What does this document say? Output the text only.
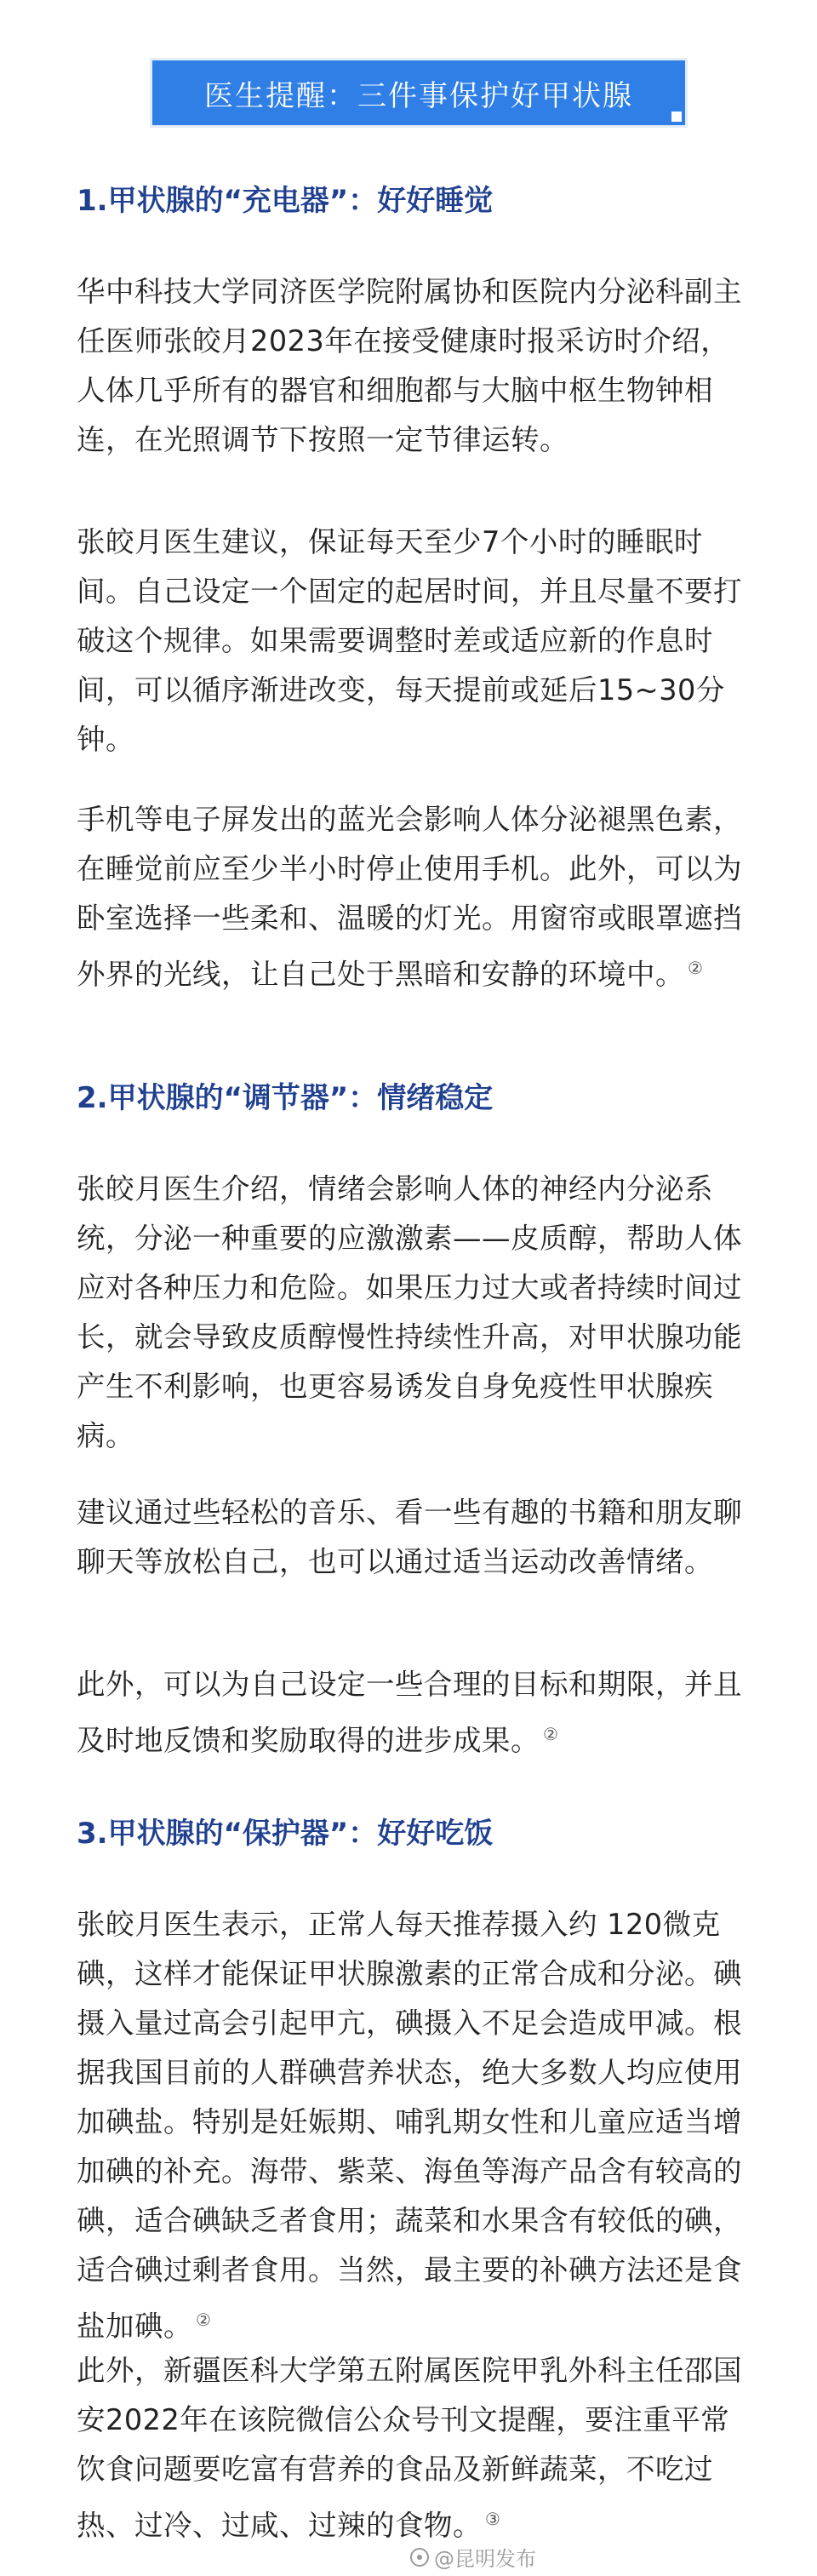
医生提醒：三件事保护好甲状腺
1.甲状腺的“充电器”：好好睡觉

华中科技大学同济医学院附属协和医院内分泌科副主任医师张皎月2023年在接受健康时报采访时介绍，人体几乎所有的器官和细胞都与大脑中枢生物钟相连，在光照调节下按照一定节律运转。

张皎月医生建议，保证每天至少7个小时的睡眠时间。自己设定一个固定的起居时间，并且尽量不要打破这个规律。如果需要调整时差或适应新的作息时间，可以循序渐进改变，每天提前或延后15~30分钟。

手机等电子屏发出的蓝光会影响人体分泌褪黑色素，在睡觉前应至少半小时停止使用手机。此外，可以为卧室选择一些柔和、温暖的灯光。用窗帘或眼罩遮挡外界的光线，让自己处于黑暗和安静的环境中。 ②

2.甲状腺的“调节器”：情绪稳定

张皎月医生介绍，情绪会影响人体的神经内分泌系统，分泌一种重要的应激激素——皮质醇，帮助人体应对各种压力和危险。如果压力过大或者持续时间过长，就会导致皮质醇慢性持续性升高，对甲状腺功能产生不利影响，也更容易诱发自身免疫性甲状腺疾病。

建议通过些轻松的音乐、看一些有趣的书籍和朋友聊聊天等放松自己，也可以通过适当运动改善情绪。

此外，可以为自己设定一些合理的目标和期限，并且及时地反馈和奖励取得的进步成果。 ②

3.甲状腺的“保护器”：好好吃饭

张皎月医生表示，正常人每天推荐摄入约 120微克碘，这样才能保证甲状腺激素的正常合成和分泌。碘摄入量过高会引起甲亢，碘摄入不足会造成甲减。根据我国目前的人群碘营养状态，绝大多数人均应使用加碘盐。特别是妊娠期、哺乳期女性和儿童应适当增加碘的补充。海带、紫菜、海鱼等海产品含有较高的碘，适合碘缺乏者食用；蔬菜和水果含有较低的碘，适合碘过剩者食用。当然，最主要的补碘方法还是食盐加碘。 ②

此外，新疆医科大学第五附属医院甲乳外科主任邵国安2022年在该院微信公众号刊文提醒，要注重平常饮食问题要吃富有营养的食品及新鲜蔬菜，不吃过热、过冷、过咸、过辣的食物。 ③

@昆明发布
